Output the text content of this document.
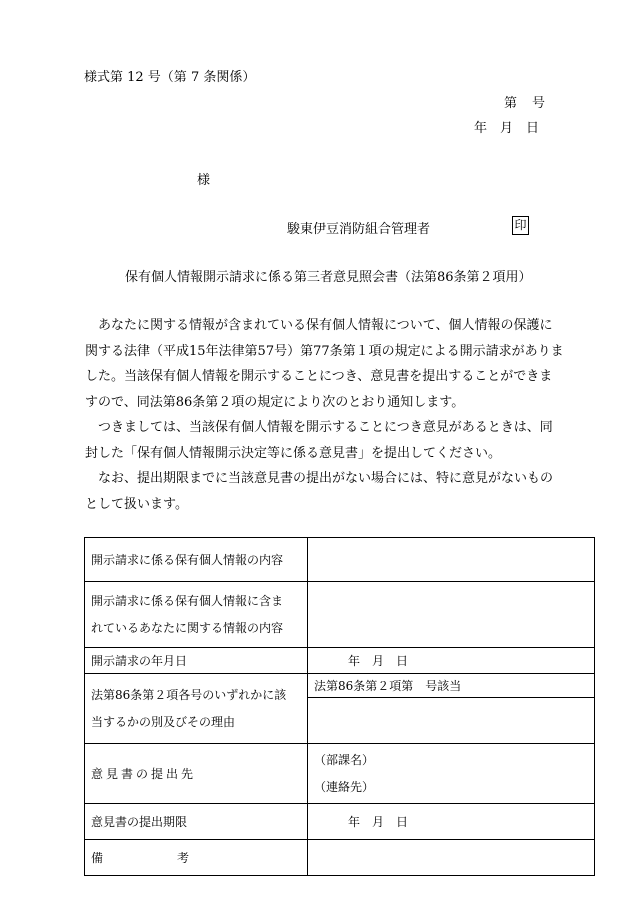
様式第 12 号（第 7 条関係）
第　号
年　月　日
様
駿東伊豆消防組合管理者	印
保有個人情報開示請求に係る第三者意見照会書（法第86条第２項用）

あなたに関する情報が含まれている保有個人情報について、個人情報の保護に関する法律（平成15年法律第57号）第77条第１項の規定による開示請求がありました。当該保有個人情報を開示することにつき、意見書を提出することができますので、同法第86条第２項の規定により次のとおり通知します。

つきましては、当該保有個人情報を開示することにつき意見があるときは、同封した「保有個人情報開示決定等に係る意見書」を提出してください。

なお、提出期限までに当該意見書の提出がない場合には、特に意見がないものとして扱います。

開示請求に係る保有個人情報の内容	

開示請求に係る保有個人情報に含ま
れているあなたに関する情報の内容	

開示請求の年月日	年　月　日

法第86条第２項各号のいずれかに該
当するかの別及びその理由	法第86条第２項第　号該当

意見書の提出先	（部課名）
（連絡先）

意見書の提出期限	年　月　日

備 考	
